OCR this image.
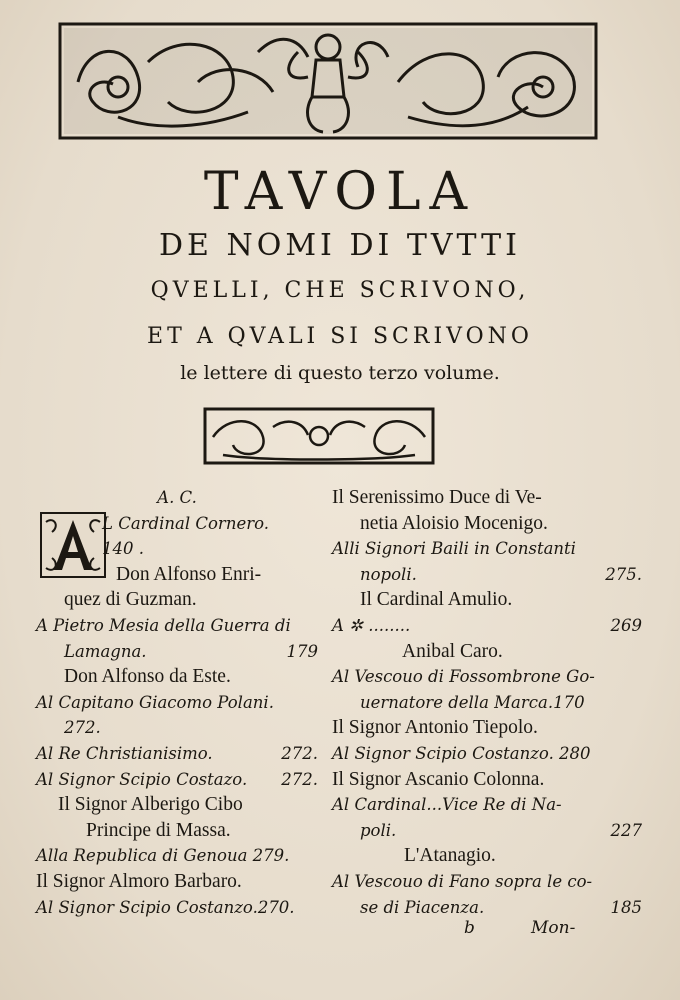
TAVOLA
DE NOMI DI TVTTI
QVELLI, CHE SCRIVONO,
ET A QVALI SI SCRIVONO
le lettere di questo terzo volume.
A. C.
L Cardinal Cornero.
140 .
Don Alfonso Enri-
quez di Guzman.
A Pietro Mesia della Guerra di
Lamagna.	179
Don Alfonso da Este.
Al Capitano Giacomo Polani.
272.
Al Re Christianisimo.	272.
Al Signor Scipio Costazo. 272.
Il Signor Alberigo Cibo
Principe di Massa.
Alla Republica di Genoua 279.
Il Signor Almoro Barbaro.
Al Signor Scipio Costanzo.270.
Il Serenissimo Duce di Ve-
netia Aloisio Mocenigo.
Alli Signori Baili in Constanti
nopoli.	275.
Il Cardinal Amulio.
A ✲ ........	269
Anibal Caro.
Al Vescouo di Fossombrone Go-
uernatore della Marca.170
Il Signor Antonio Tiepolo.
Al Signor Scipio Costanzo. 280
Il Signor Ascanio Colonna.
Al Cardinal...Vice Re di Na-
poli.	227
L'Atanagio.
Al Vescouo di Fano sopra le co-
se di Piacenza.	185
b	Mon-
